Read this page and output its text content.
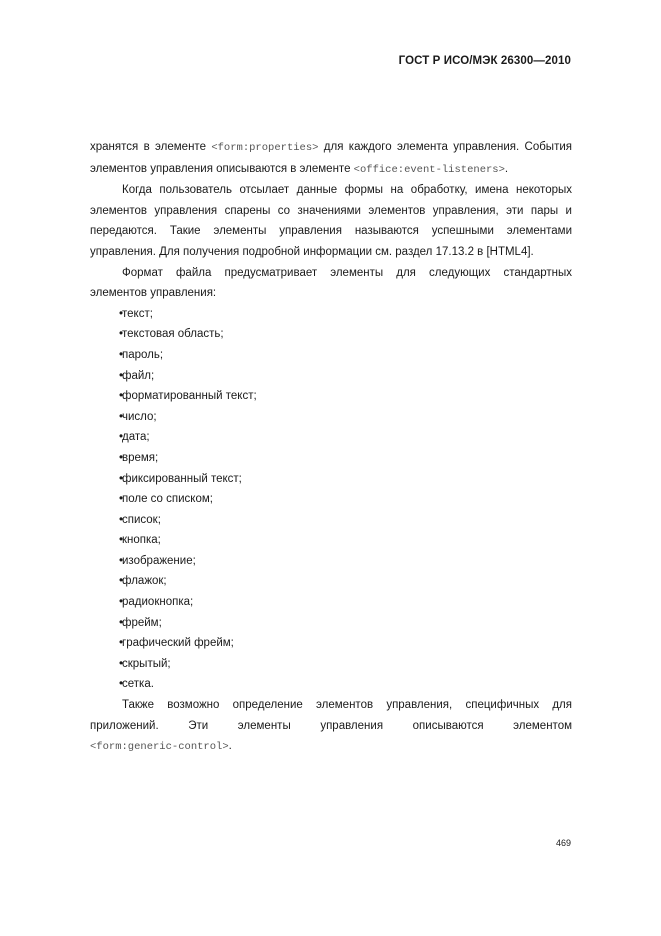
ГОСТ Р ИСО/МЭК 26300—2010

хранятся в элементе <form:properties> для каждого элемента управления. События элементов управления описываются в элементе <office:event-listeners>.

Когда пользователь отсылает данные формы на обработку, имена некоторых элементов управления спарены со значениями элементов управления, эти пары и передаются. Такие элементы управления называются успешными элементами управления. Для получения подробной информации см. раздел 17.13.2 в [HTML4].

Формат файла предусматривает элементы для следующих стандартных элементов управления:

• текст;
• текстовая область;
• пароль;
• файл;
• форматированный текст;
• число;
• дата;
• время;
• фиксированный текст;
• поле со списком;
• список;
• кнопка;
• изображение;
• флажок;
• радиокнопка;
• фрейм;
• графический фрейм;
• скрытый;
• сетка.

Также возможно определение элементов управления, специфичных для приложений. Эти элементы управления описываются элементом

<form:generic-control>.

469
